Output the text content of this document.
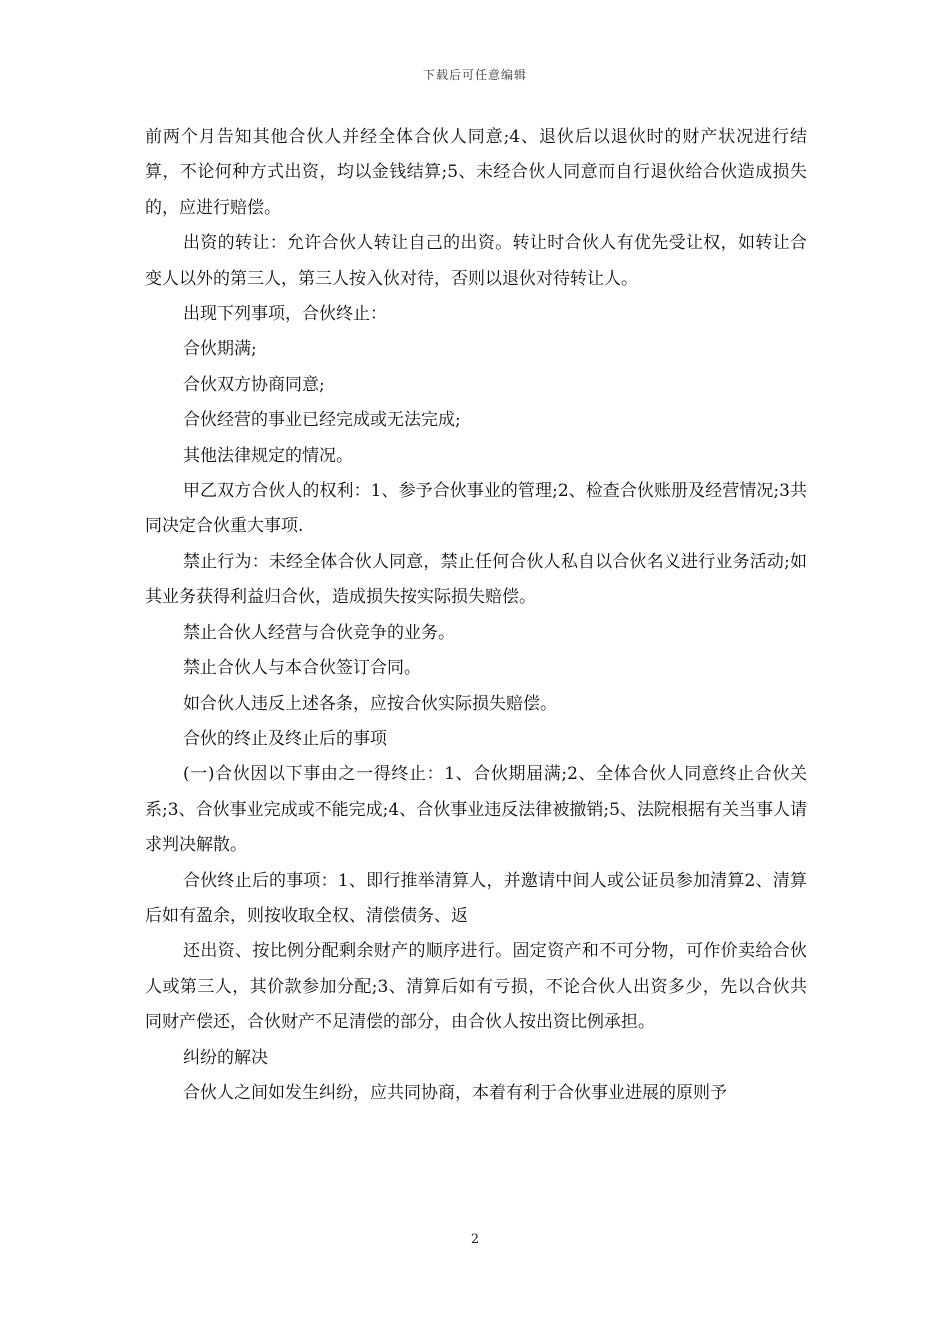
下载后可任意编辑

前两个月告知其他合伙人并经全体合伙人同意;4、退伙后以退伙时的财产状况进行结算，不论何种方式出资，均以金钱结算;5、未经合伙人同意而自行退伙给合伙造成损失的，应进行赔偿。

出资的转让：允许合伙人转让自己的出资。转让时合伙人有优先受让权，如转让合变人以外的第三人，第三人按入伙对待，否则以退伙对待转让人。

出现下列事项，合伙终止：

合伙期满;

合伙双方协商同意;

合伙经营的事业已经完成或无法完成;

其他法律规定的情况。

甲乙双方合伙人的权利：1、参予合伙事业的管理;2、检查合伙账册及经营情况;3共同决定合伙重大事项.

禁止行为：未经全体合伙人同意，禁止任何合伙人私自以合伙名义进行业务活动;如其业务获得利益归合伙，造成损失按实际损失赔偿。

禁止合伙人经营与合伙竞争的业务。

禁止合伙人与本合伙签订合同。

如合伙人违反上述各条，应按合伙实际损失赔偿。

合伙的终止及终止后的事项

(一)合伙因以下事由之一得终止：1、合伙期届满;2、全体合伙人同意终止合伙关系;3、合伙事业完成或不能完成;4、合伙事业违反法律被撤销;5、法院根据有关当事人请求判决解散。

合伙终止后的事项：1、即行推举清算人，并邀请中间人或公证员参加清算2、清算后如有盈余，则按收取全权、清偿债务、返

还出资、按比例分配剩余财产的顺序进行。固定资产和不可分物，可作价卖给合伙人或第三人，其价款参加分配;3、清算后如有亏损，不论合伙人出资多少，先以合伙共同财产偿还，合伙财产不足清偿的部分，由合伙人按出资比例承担。

纠纷的解决

合伙人之间如发生纠纷，应共同协商，本着有利于合伙事业进展的原则予

2
